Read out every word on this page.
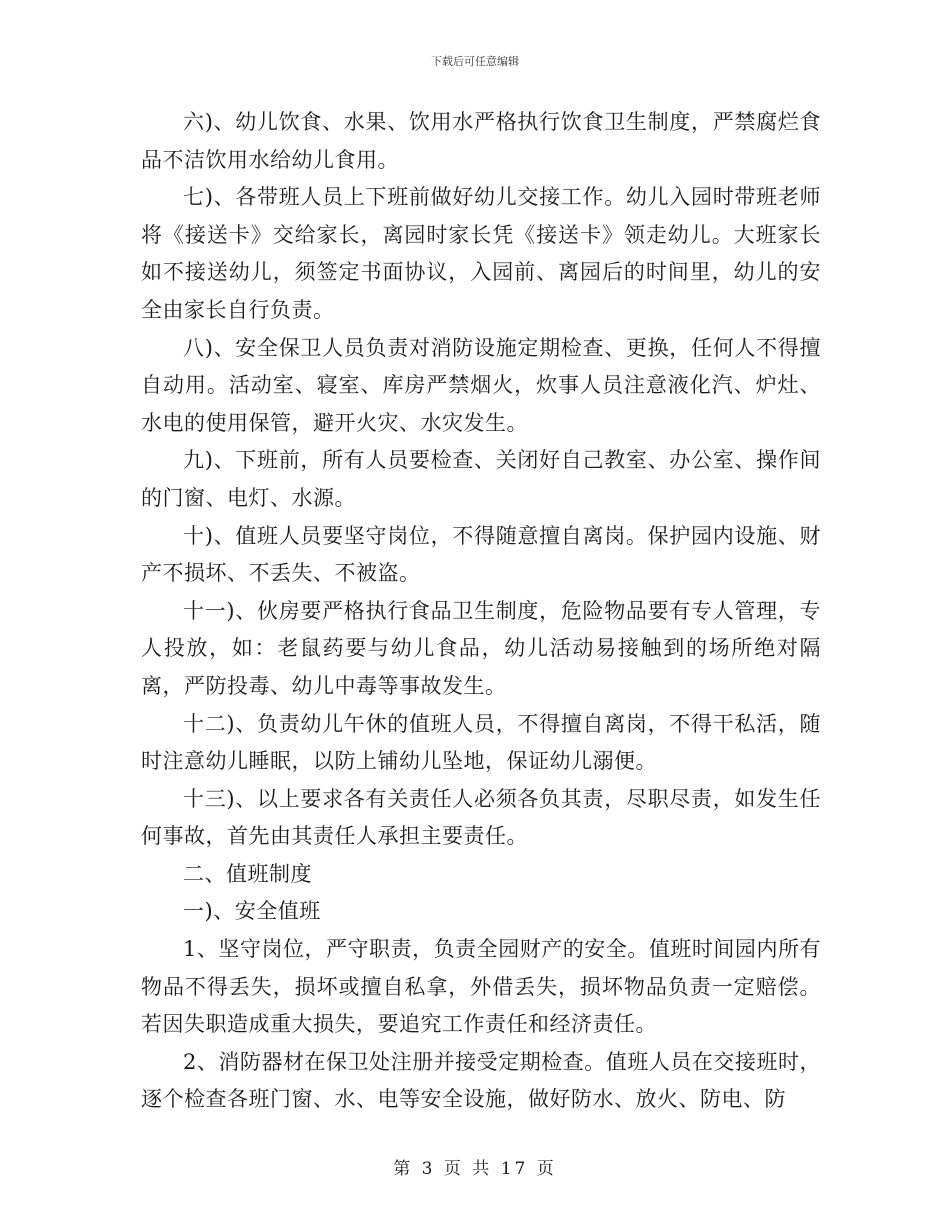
下载后可任意编辑

六)、幼儿饮食、水果、饮用水严格执行饮食卫生制度，严禁腐烂食品不洁饮用水给幼儿食用。

七)、各带班人员上下班前做好幼儿交接工作。幼儿入园时带班老师将《接送卡》交给家长，离园时家长凭《接送卡》领走幼儿。大班家长如不接送幼儿，须签定书面协议，入园前、离园后的时间里，幼儿的安全由家长自行负责。

八)、安全保卫人员负责对消防设施定期检查、更换，任何人不得擅自动用。活动室、寝室、库房严禁烟火，炊事人员注意液化汽、炉灶、水电的使用保管，避开火灾、水灾发生。

九)、下班前，所有人员要检查、关闭好自己教室、办公室、操作间的门窗、电灯、水源。

十)、值班人员要坚守岗位，不得随意擅自离岗。保护园内设施、财产不损坏、不丢失、不被盗。

十一)、伙房要严格执行食品卫生制度，危险物品要有专人管理，专人投放，如：老鼠药要与幼儿食品，幼儿活动易接触到的场所绝对隔离，严防投毒、幼儿中毒等事故发生。

十二)、负责幼儿午休的值班人员，不得擅自离岗，不得干私活，随时注意幼儿睡眠，以防上铺幼儿坠地，保证幼儿溺便。

十三)、以上要求各有关责任人必须各负其责，尽职尽责，如发生任何事故，首先由其责任人承担主要责任。

二、值班制度

一)、安全值班

1、坚守岗位，严守职责，负责全园财产的安全。值班时间园内所有物品不得丢失，损坏或擅自私拿，外借丢失，损坏物品负责一定赔偿。若因失职造成重大损失，要追究工作责任和经济责任。

2、消防器材在保卫处注册并接受定期检查。值班人员在交接班时，逐个检查各班门窗、水、电等安全设施，做好防水、放火、防电、防

第 3 页 共 17 页
